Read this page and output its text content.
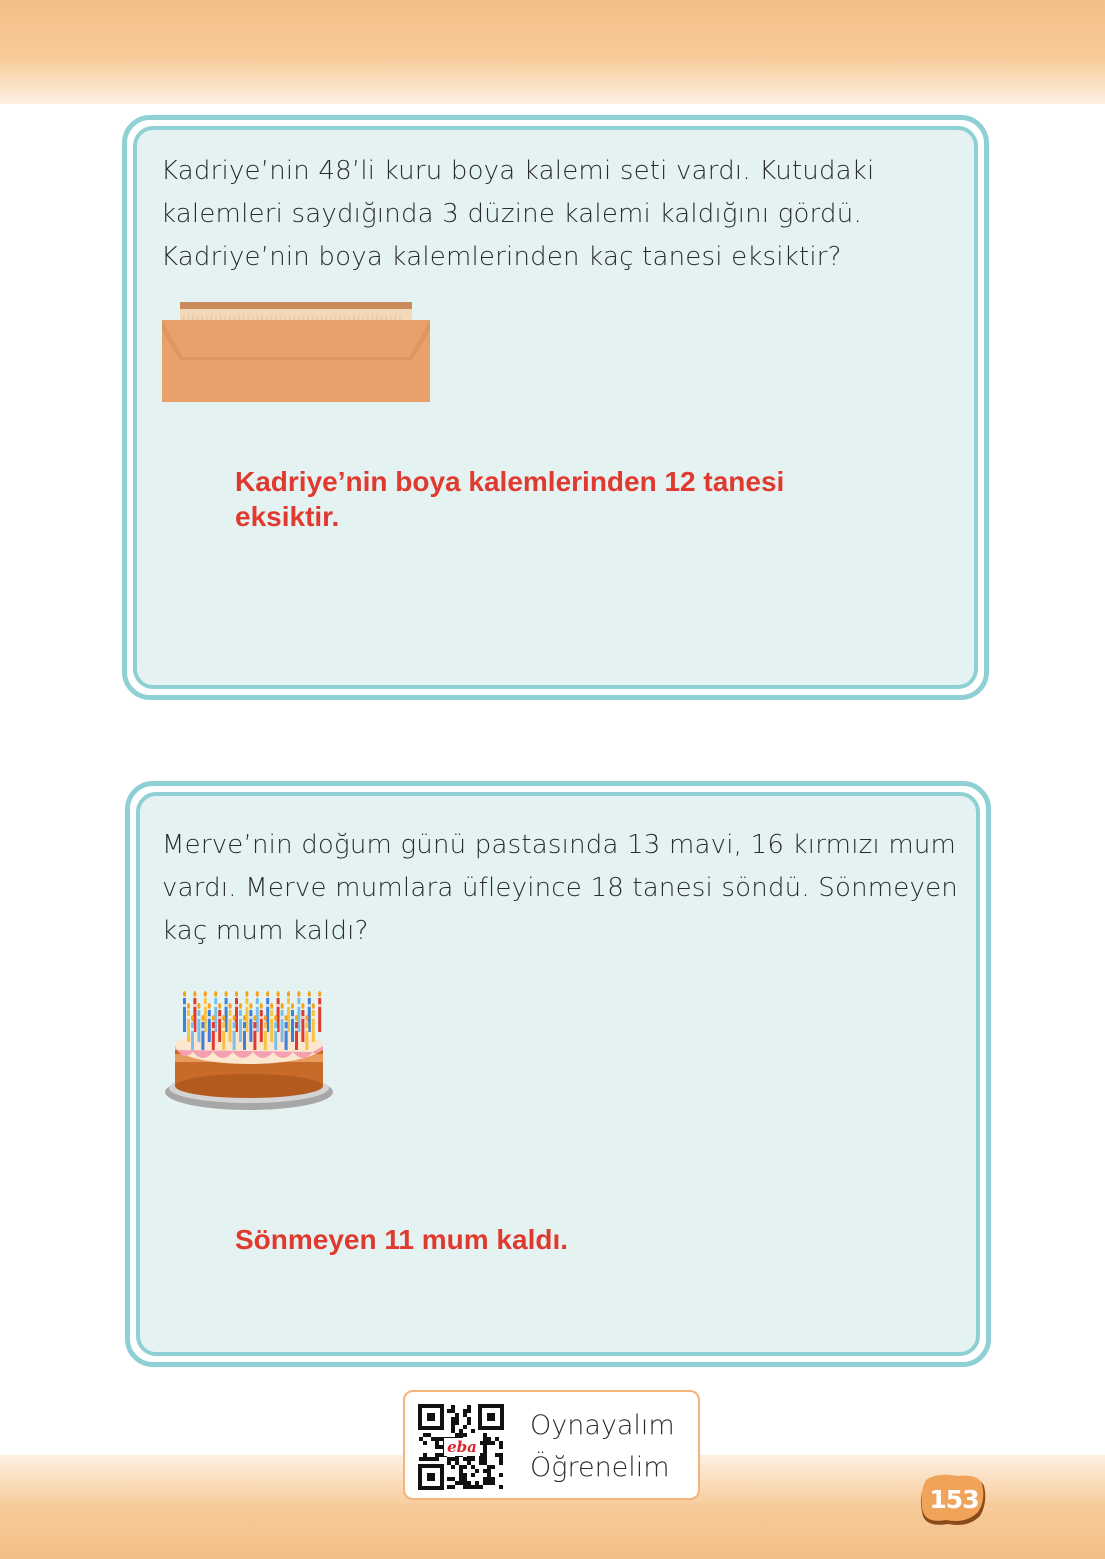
Kadriye’nin 48’li kuru boya kalemi seti vardı. Kutudaki kalemleri saydığında 3 düzine kalemi kaldığını gördü. Kadriye’nin boya kalemlerinden kaç tanesi eksiktir?

Kadriye’nin boya kalemlerinden 12 tanesi eksiktir.

Merve’nin doğum günü pastasında 13 mavi, 16 kırmızı mum vardı. Merve mumlara üfleyince 18 tanesi söndü. Sönmeyen kaç mum kaldı?

Sönmeyen 11 mum kaldı.

eba

Oynayalım

Öğrenelim

153
